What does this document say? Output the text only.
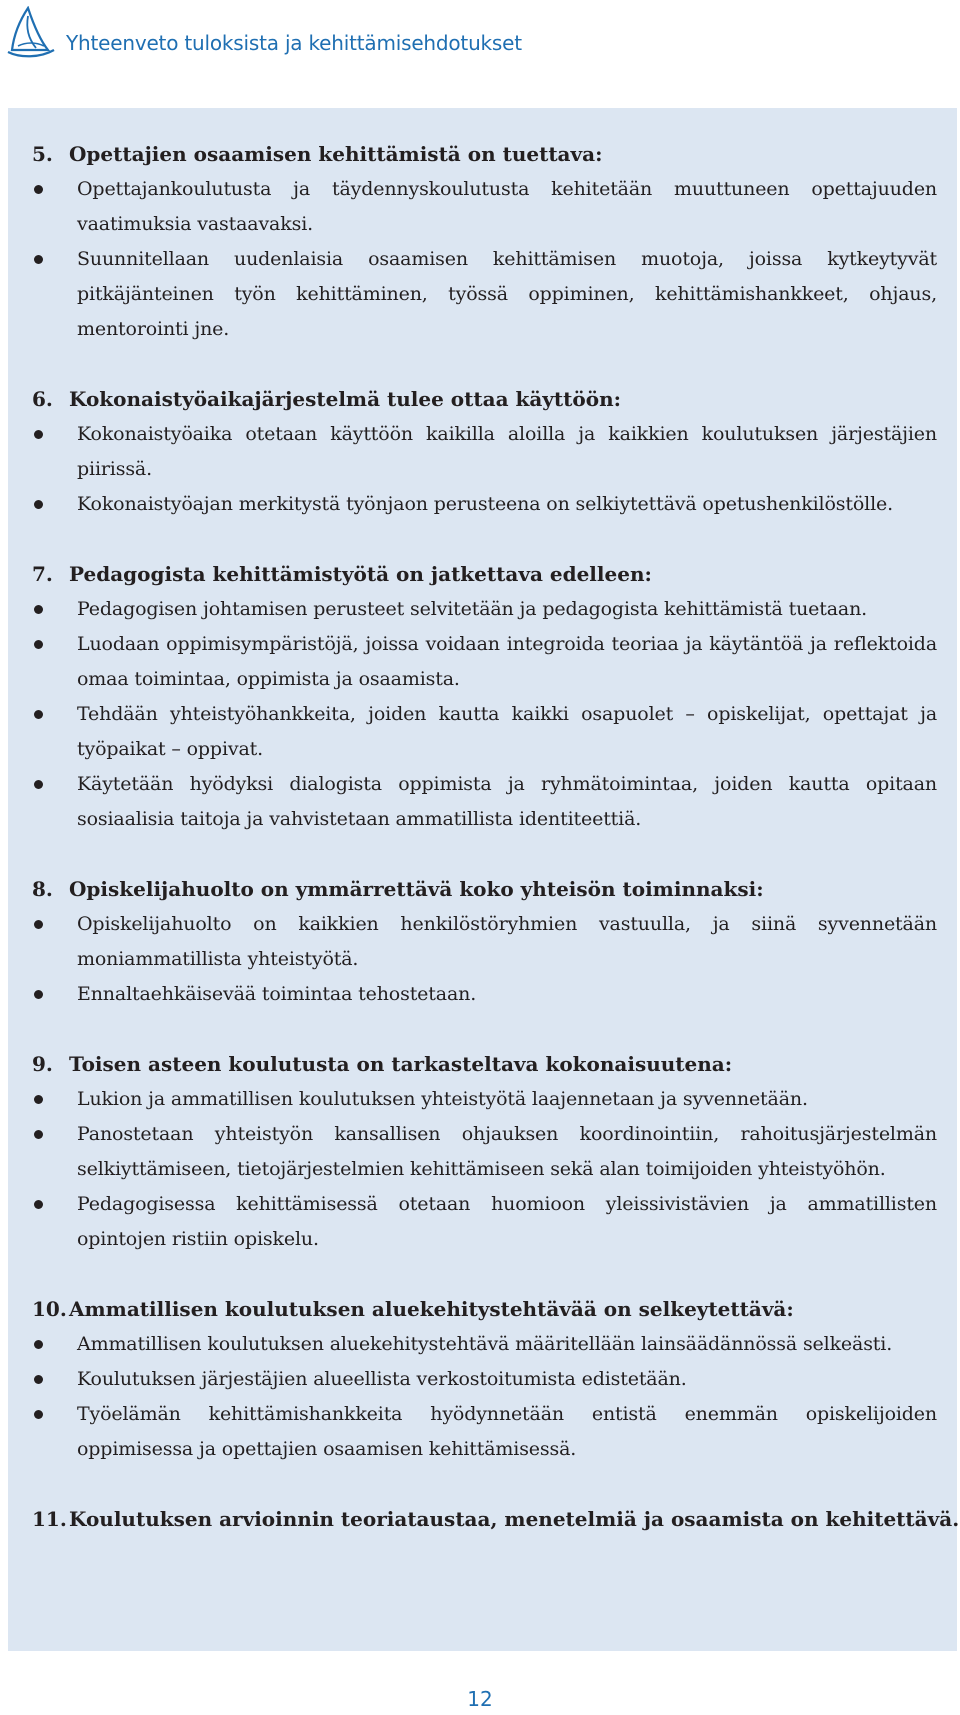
Yhteenveto tuloksista ja kehittämisehdotukset
5. Opettajien osaamisen kehittämistä on tuettava:
Opettajankoulutusta ja täydennyskoulutusta kehitetään muuttuneen opettajuuden vaatimuksia vastaavaksi.
Suunnitellaan uudenlaisia osaamisen kehittämisen muotoja, joissa kytkeytyvät pitkäjänteinen työn kehittäminen, työssä oppiminen, kehittämishankkeet, ohjaus, mentorointi jne.
6. Kokonaistyöaikajärjestelmä tulee ottaa käyttöön:
Kokonaistyöaika otetaan käyttöön kaikilla aloilla ja kaikkien koulutuksen järjestäjien piirissä.
Kokonaistyöajan merkitystä työnjaon perusteena on selkiytettävä opetushenkilöstölle.
7. Pedagogista kehittämistyötä on jatkettava edelleen:
Pedagogisen johtamisen perusteet selvitetään ja pedagogista kehittämistä tuetaan.
Luodaan oppimisympäristöjä, joissa voidaan integroida teoriaa ja käytäntöä ja reflektoida omaa toimintaa, oppimista ja osaamista.
Tehdään yhteistyöhankkeita, joiden kautta kaikki osapuolet – opiskelijat, opettajat ja työpaikat – oppivat.
Käytetään hyödyksi dialogista oppimista ja ryhmätoimintaa, joiden kautta opitaan sosiaalisia taitoja ja vahvistetaan ammatillista identiteettiä.
8. Opiskelijahuolto on ymmärrettävä koko yhteisön toiminnaksi:
Opiskelijahuolto on kaikkien henkilöstöryhmien vastuulla, ja siinä syvennetään moniammatillista yhteistyötä.
Ennaltaehkäisevää toimintaa tehostetaan.
9. Toisen asteen koulutusta on tarkasteltava kokonaisuutena:
Lukion ja ammatillisen koulutuksen yhteistyötä laajennetaan ja syvennetään.
Panostetaan yhteistyön kansallisen ohjauksen koordinointiin, rahoitusjärjestelmän selkiyttämiseen, tietojärjestelmien kehittämiseen sekä alan toimijoiden yhteistyöhön.
Pedagogisessa kehittämisessä otetaan huomioon yleissivistävien ja ammatillisten opintojen ristiin opiskelu.
10. Ammatillisen koulutuksen aluekehitystehtävää on selkeytettävä:
Ammatillisen koulutuksen aluekehitystehtävä määritellään lainsäädännössä selkeästi.
Koulutuksen järjestäjien alueellista verkostoitumista edistetään.
Työelämän kehittämishankkeita hyödynnetään entistä enemmän opiskelijoiden oppimisessa ja opettajien osaamisen kehittämisessä.
11. Koulutuksen arvioinnin teoriataustaa, menetelmiä ja osaamista on kehitettävä.
12
